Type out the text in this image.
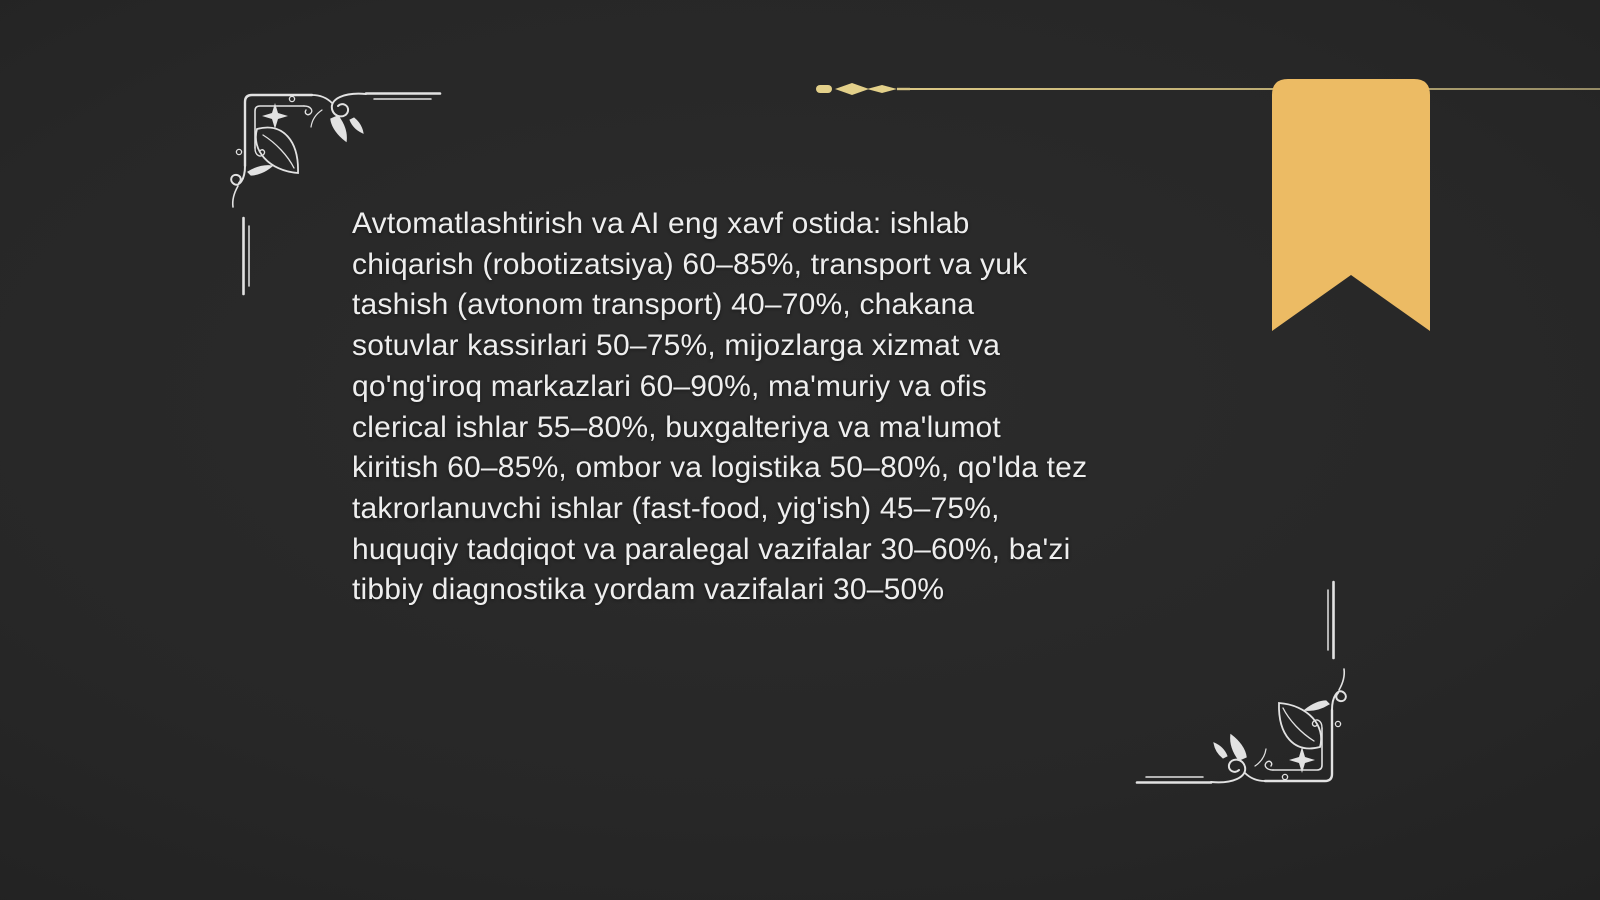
Avtomatlashtirish va AI eng xavf ostida: ishlab
chiqarish (robotizatsiya) 60–85%, transport va yuk
tashish (avtonom transport) 40–70%, chakana
sotuvlar kassirlari 50–75%, mijozlarga xizmat va
qo'ng'iroq markazlari 60–90%, ma'muriy va ofis
clerical ishlar 55–80%, buxgalteriya va ma'lumot
kiritish 60–85%, ombor va logistika 50–80%, qo'lda tez
takrorlanuvchi ishlar (fast-food, yig'ish) 45–75%,
huquqiy tadqiqot va paralegal vazifalar 30–60%, ba'zi
tibbiy diagnostika yordam vazifalari 30–50%
